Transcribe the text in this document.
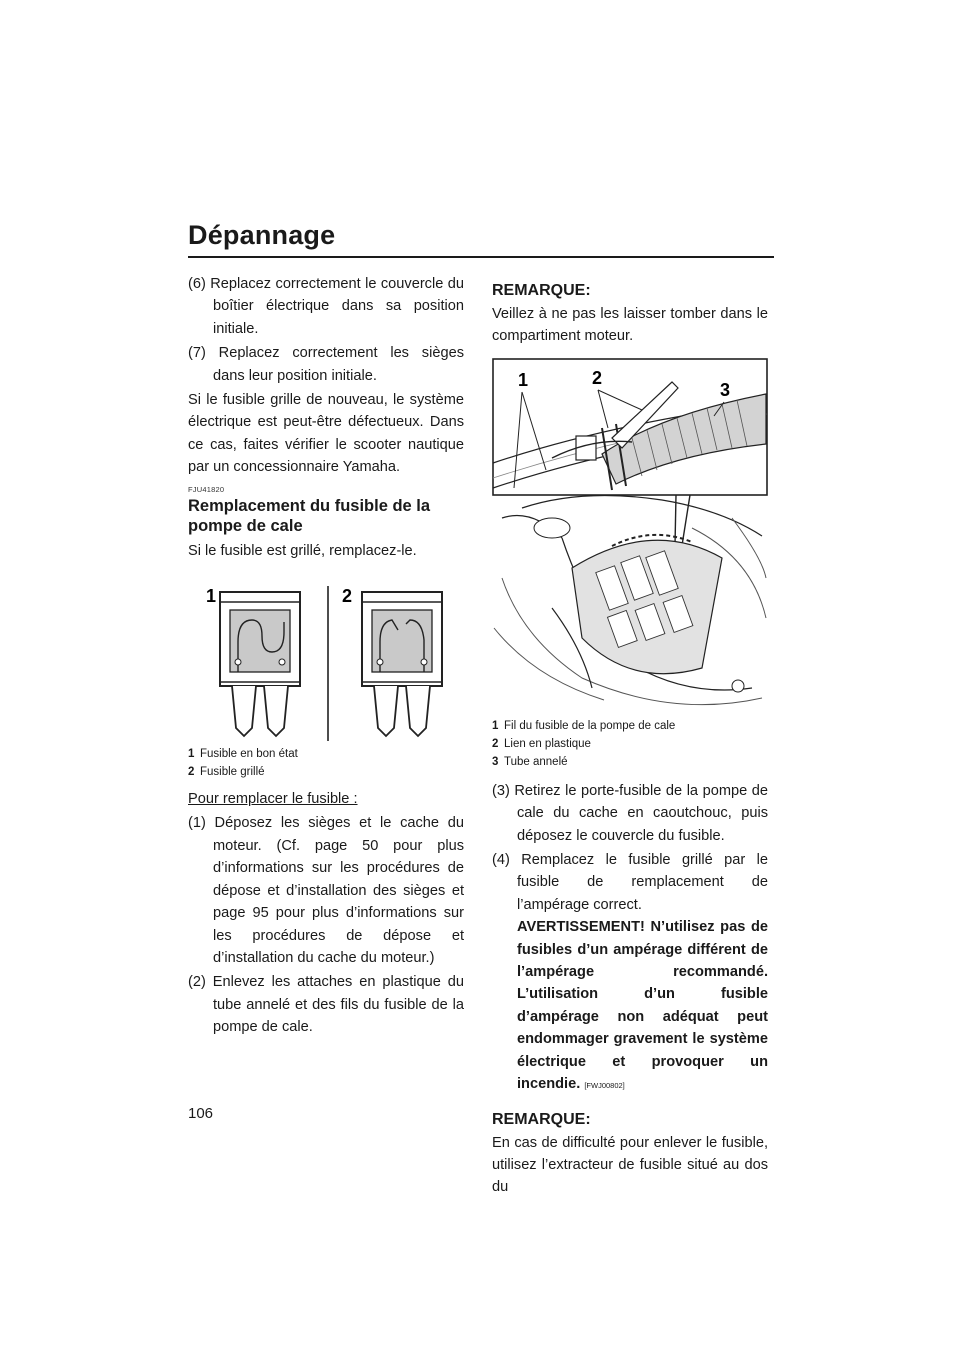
Dépannage

(6) Replacez correctement le couvercle du boîtier électrique dans sa position initiale.

(7) Replacez correctement les sièges dans leur position initiale.

Si le fusible grille de nouveau, le système électrique est peut-être défectueux. Dans ce cas, faites vérifier le scooter nautique par un concessionnaire Yamaha.

FJU41820
Remplacement du fusible de la pompe de cale

Si le fusible est grillé, remplacez-le.

1	2
1 Fusible en bon état
2 Fusible grillé

Pour remplacer le fusible :

(1) Déposez les sièges et le cache du moteur. (Cf. page 50 pour plus d’informations sur les procédures de dépose et d’installation des sièges et page 95 pour plus d’informations sur les procédures de dépose et d’installation du cache du moteur.)

(2) Enlevez les attaches en plastique du tube annelé et des fils du fusible de la pompe de cale.

REMARQUE:

Veillez à ne pas les laisser tomber dans le compartiment moteur.

1	2
3
1 Fil du fusible de la pompe de cale
2 Lien en plastique
3 Tube annelé

(3) Retirez le porte-fusible de la pompe de cale du cache en caoutchouc, puis déposez le couvercle du fusible.

(4) Remplacez le fusible grillé par le fusible de remplacement de l’ampérage correct.

AVERTISSEMENT! N’utilisez pas de fusibles d’un ampérage différent de l’ampérage recommandé. L’utilisation d’un fusible d’ampérage non adéquat peut endommager gravement le système électrique et provoquer un incendie. [FWJ00802]

REMARQUE:

En cas de difficulté pour enlever le fusible, utilisez l’extracteur de fusible situé au dos du

106
